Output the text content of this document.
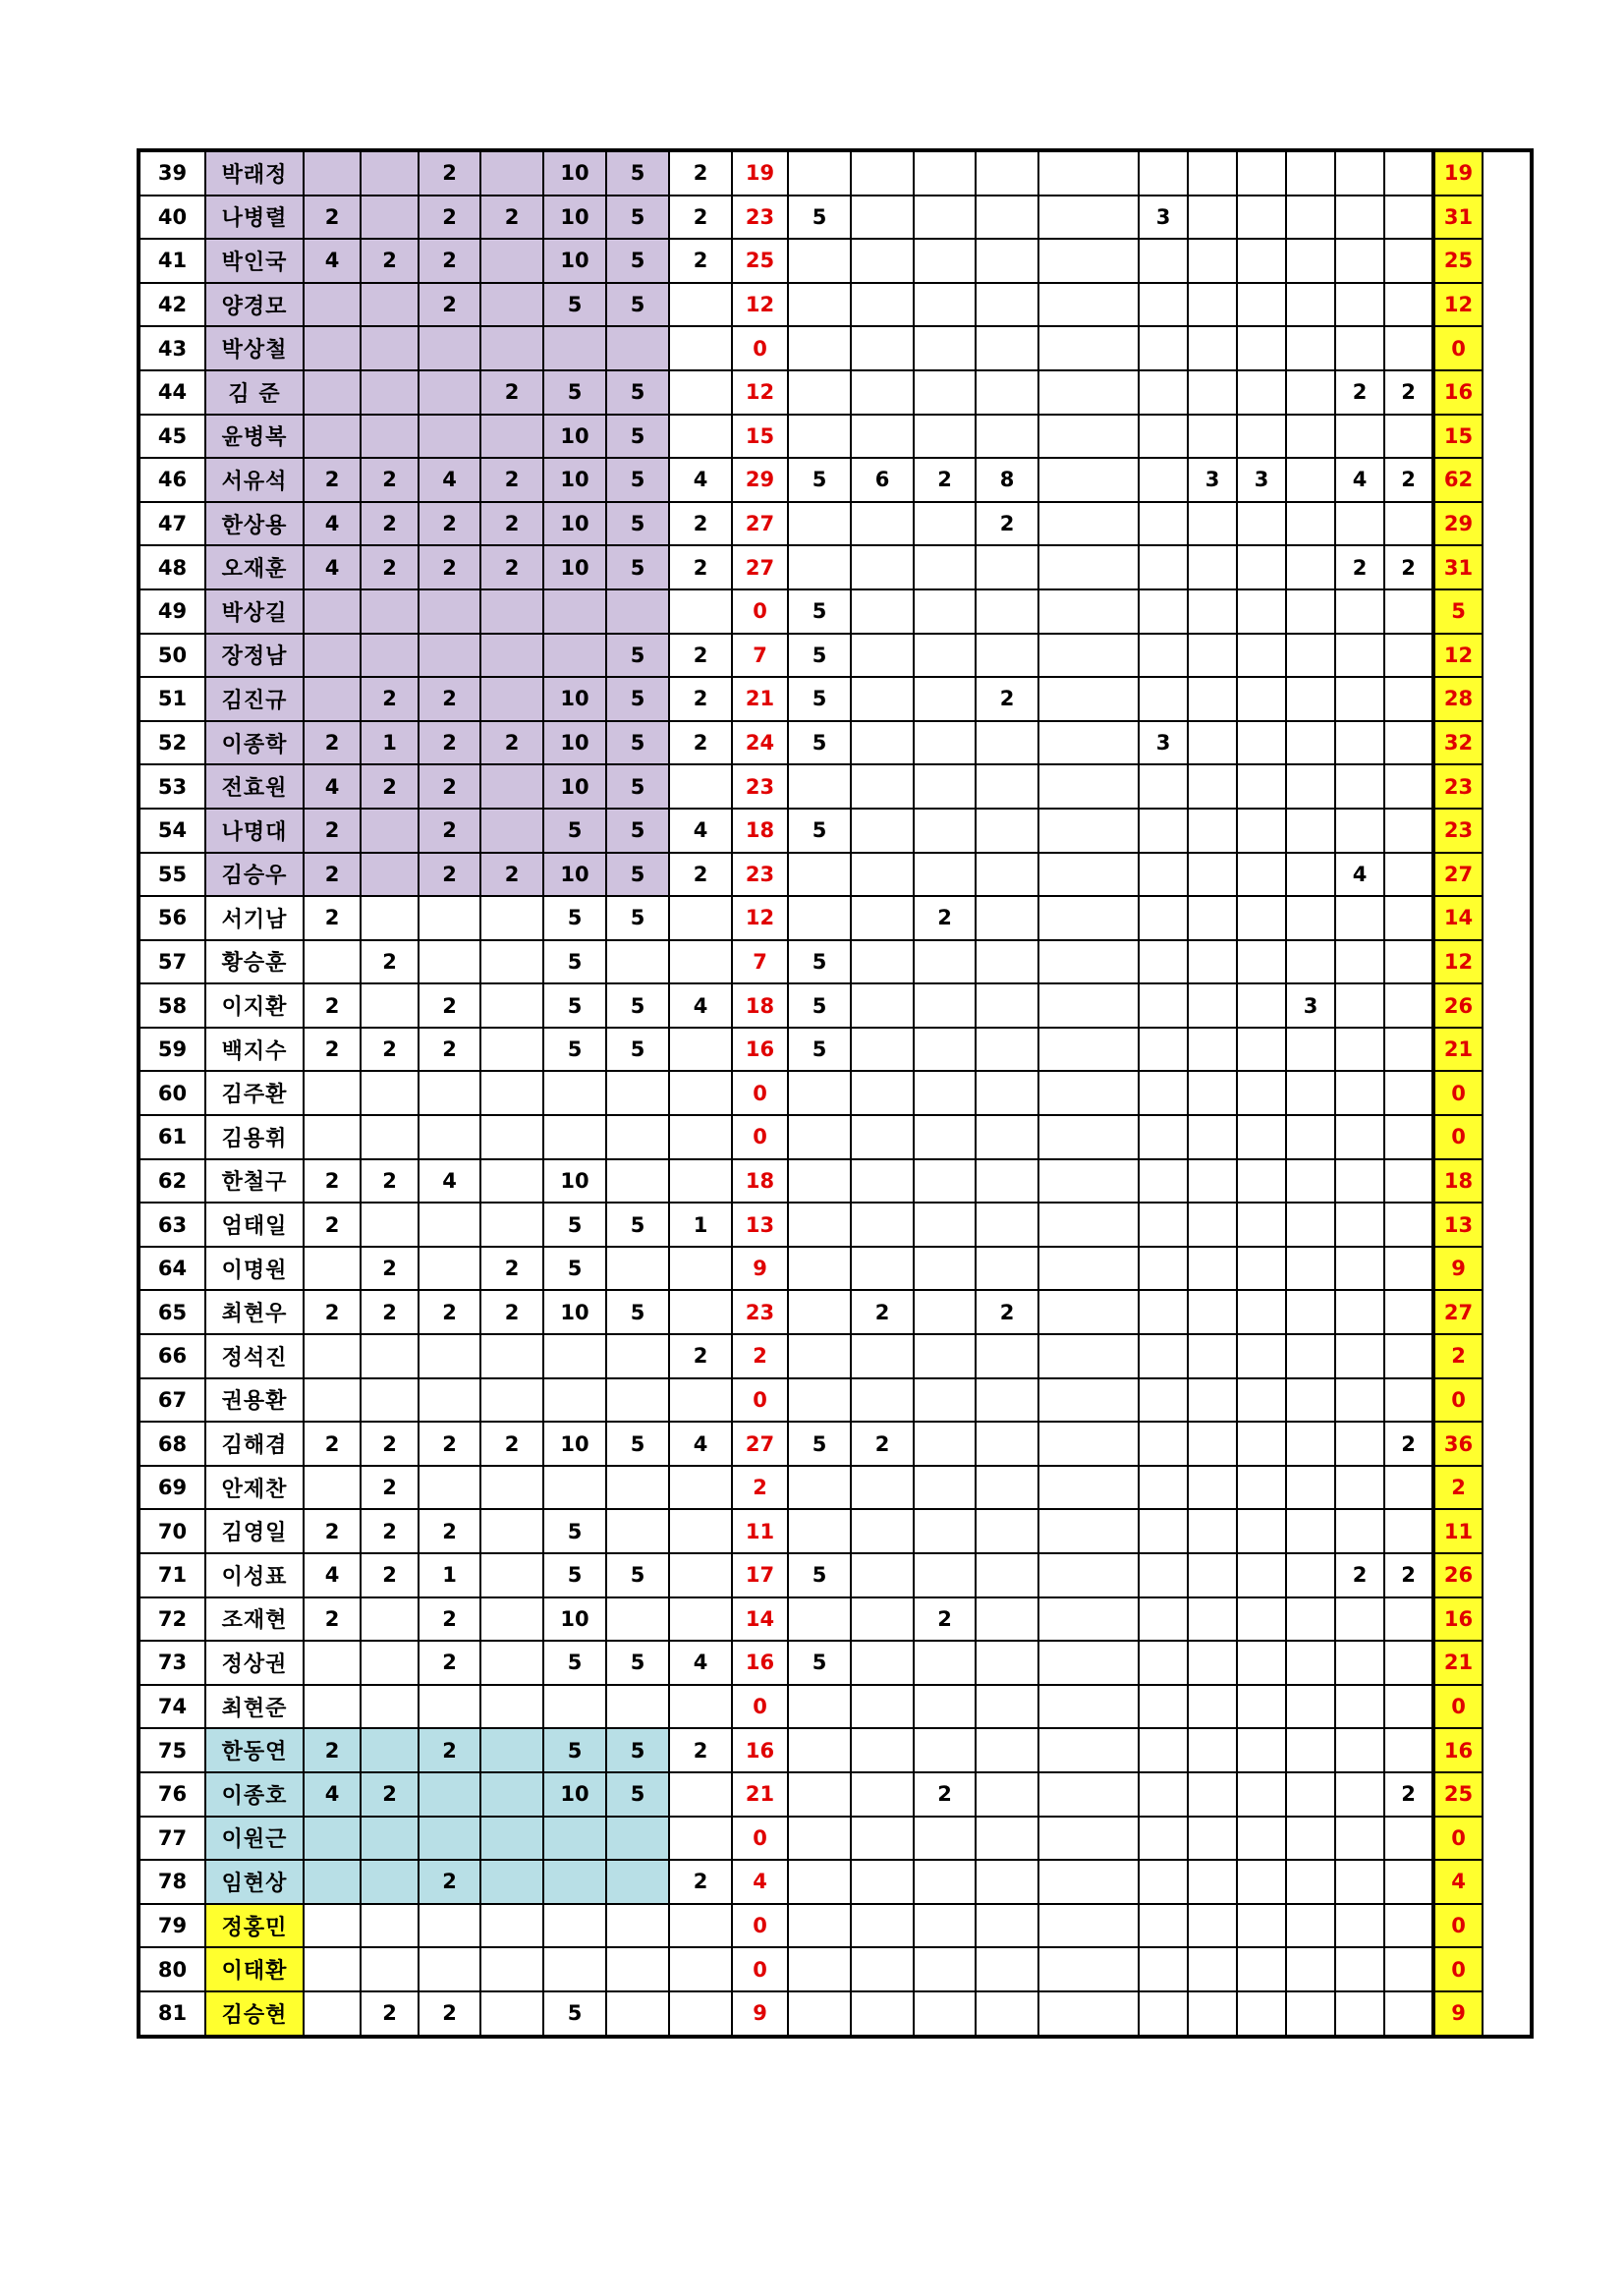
39	박래정			2		10	5	2	19												19
40	나병렬	2		2	2	10	5	2	23	5					3						31
41	박인국	4	2	2		10	5	2	25												25
42	양경모			2		5	5		12												12
43	박상철								0												0
44	김 준				2	5	5		12										2	2	16
45	윤병복					10	5		15												15
46	서유석	2	2	4	2	10	5	4	29	5	6	2	8			3	3		4	2	62
47	한상용	4	2	2	2	10	5	2	27				2								29
48	오재훈	4	2	2	2	10	5	2	27										2	2	31
49	박상길								0	5											5
50	장정남						5	2	7	5											12
51	김진규		2	2		10	5	2	21	5			2								28
52	이종학	2	1	2	2	10	5	2	24	5					3						32
53	전효원	4	2	2		10	5		23												23
54	나명대	2		2		5	5	4	18	5											23
55	김승우	2		2	2	10	5	2	23										4		27
56	서기남	2				5	5		12			2									14
57	황승훈		2			5			7	5											12
58	이지환	2		2		5	5	4	18	5								3			26
59	백지수	2	2	2		5	5		16	5											21
60	김주환								0												0
61	김용휘								0												0
62	한철구	2	2	4		10			18												18
63	엄태일	2				5	5	1	13												13
64	이명원		2		2	5			9												9
65	최현우	2	2	2	2	10	5		23		2		2								27
66	정석진							2	2												2
67	권용환								0												0
68	김해겸	2	2	2	2	10	5	4	27	5	2									2	36
69	안제찬		2						2												2
70	김영일	2	2	2		5			11												11
71	이성표	4	2	1		5	5		17	5									2	2	26
72	조재현	2		2		10			14			2									16
73	정상권			2		5	5	4	16	5											21
74	최현준								0												0
75	한동연	2		2		5	5	2	16												16
76	이종호	4	2			10	5		21			2								2	25
77	이원근								0												0
78	임현상			2				2	4												4
79	정홍민								0												0
80	이태환								0												0
81	김승현		2	2		5			9												9
